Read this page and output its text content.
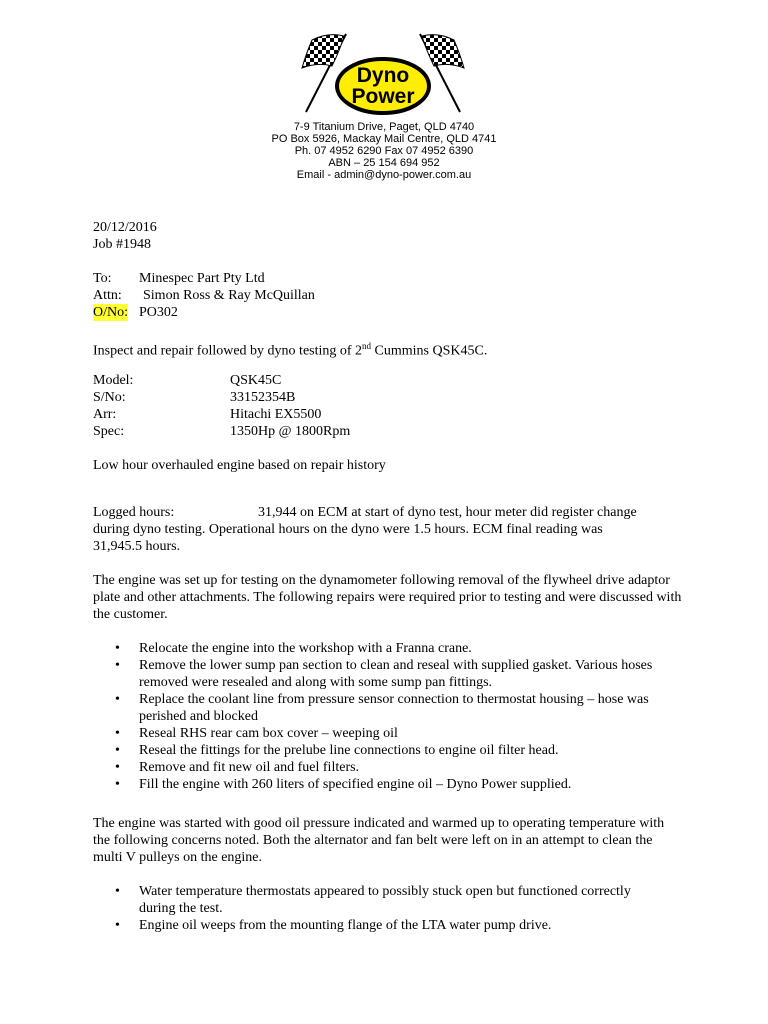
Dyno
Power
7-9 Titanium Drive, Paget, QLD 4740
PO Box 5926, Mackay Mail Centre, QLD 4741
Ph. 07 4952 6290 Fax 07 4952 6390
ABN – 25 154 694 952
Email - admin@dyno-power.com.au
20/12/2016
Job #1948
To: Minespec Part Pty Ltd
Attn: Simon Ross & Ray McQuillan
O/No: PO302
Inspect and repair followed by dyno testing of 2nd Cummins QSK45C.
Model:	QSK45C
S/No:	33152354B
Arr:	Hitachi EX5500
Spec:	1350Hp @ 1800Rpm
Low hour overhauled engine based on repair history
Logged hours:	31,944 on ECM at start of dyno test, hour meter did register change
during dyno testing. Operational hours on the dyno were 1.5 hours. ECM final reading was
31,945.5 hours.
The engine was set up for testing on the dynamometer following removal of the flywheel drive adaptor plate and other attachments. The following repairs were required prior to testing and were discussed with the customer.
• Relocate the engine into the workshop with a Franna crane.
• Remove the lower sump pan section to clean and reseal with supplied gasket. Various hoses removed were resealed and along with some sump pan fittings.
• Replace the coolant line from pressure sensor connection to thermostat housing – hose was perished and blocked
• Reseal RHS rear cam box cover – weeping oil
• Reseal the fittings for the prelube line connections to engine oil filter head.
• Remove and fit new oil and fuel filters.
• Fill the engine with 260 liters of specified engine oil – Dyno Power supplied.
The engine was started with good oil pressure indicated and warmed up to operating temperature with the following concerns noted. Both the alternator and fan belt were left on in an attempt to clean the multi V pulleys on the engine.
• Water temperature thermostats appeared to possibly stuck open but functioned correctly during the test.
• Engine oil weeps from the mounting flange of the LTA water pump drive.
